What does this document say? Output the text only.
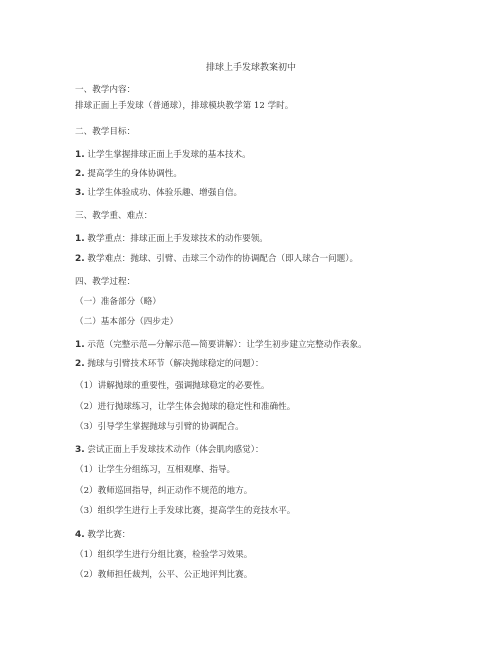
排球上手发球教案初中
一、教学内容：
排球正面上手发球（普通球），排球模块教学第 12 学时。
二、教学目标：
1. 让学生掌握排球正面上手发球的基本技术。
2. 提高学生的身体协调性。
3. 让学生体验成功、体验乐趣、增强自信。
三、教学重、难点：
1. 教学重点：排球正面上手发球技术的动作要领。
2. 教学难点：抛球、引臂、击球三个动作的协调配合（即人球合一问题）。
四、教学过程：
（一）准备部分（略）
（二）基本部分（四步走）
1. 示范（完整示范—分解示范—简要讲解）：让学生初步建立完整动作表象。
2. 抛球与引臂技术环节（解决抛球稳定的问题）：
（1）讲解抛球的重要性，强调抛球稳定的必要性。
（2）进行抛球练习，让学生体会抛球的稳定性和准确性。
（3）引导学生掌握抛球与引臂的协调配合。
3. 尝试正面上手发球技术动作（体会肌肉感觉）：
（1）让学生分组练习，互相观摩、指导。
（2）教师巡回指导，纠正动作不规范的地方。
（3）组织学生进行上手发球比赛，提高学生的竞技水平。
4. 教学比赛：
（1）组织学生进行分组比赛，检验学习效果。
（2）教师担任裁判，公平、公正地评判比赛。
